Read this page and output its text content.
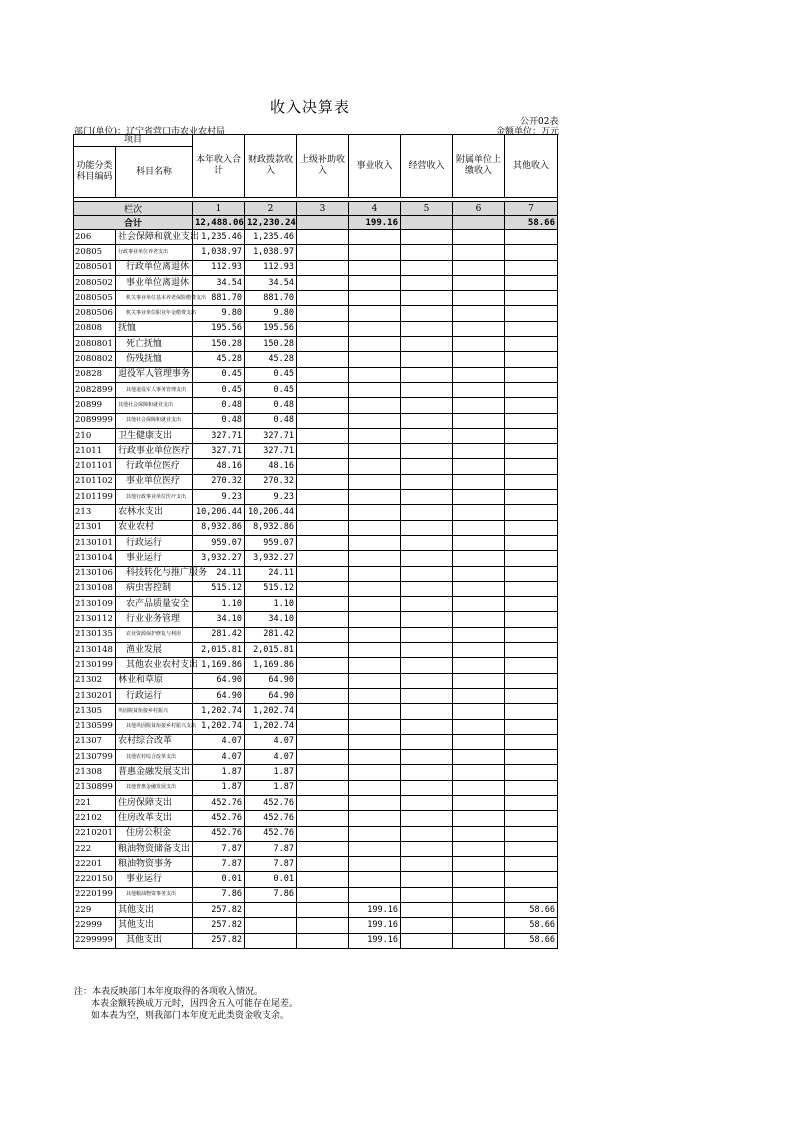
收入决算表
公开02表
部门(单位)：辽宁省营口市农业农村局	金额单位：万元
项目		本年收入合计	财政拨款收入	上级补助收入	事业收入	经营收入	附属单位上缴收入	其他收入
功能分类科目编码	科目名称							

栏次		1	2	3	4	5	6	7
合计		12,488.06	12,230.24		199.16			58.66
206	社会保障和就业支出	1,235.46	1,235.46					
20805	行政事业单位养老支出	1,038.97	1,038.97					
2080501	行政单位离退休	112.93	112.93					
2080502	事业单位离退休	34.54	34.54					
2080505	机关事业单位基本养老保险缴费支出	881.70	881.70					
2080506	机关事业单位职业年金缴费支出	9.80	9.80					
20808	抚恤	195.56	195.56					
2080801	死亡抚恤	150.28	150.28					
2080802	伤残抚恤	45.28	45.28					
20828	退役军人管理事务	0.45	0.45					
2082899	其他退役军人事务管理支出	0.45	0.45					
20899	其他社会保障和就业支出	0.48	0.48					
2089999	其他社会保障和就业支出	0.48	0.48					
210	卫生健康支出	327.71	327.71					
21011	行政事业单位医疗	327.71	327.71					
2101101	行政单位医疗	48.16	48.16					
2101102	事业单位医疗	270.32	270.32					
2101199	其他行政事业单位医疗支出	9.23	9.23					
213	农林水支出	10,206.44	10,206.44					
21301	农业农村	8,932.86	8,932.86					
2130101	行政运行	959.07	959.07					
2130104	事业运行	3,932.27	3,932.27					
2130106	科技转化与推广服务	24.11	24.11					
2130108	病虫害控制	515.12	515.12					
2130109	农产品质量安全	1.10	1.10					
2130112	行业业务管理	34.10	34.10					
2130135	农业资源保护修复与利用	281.42	281.42					
2130148	渔业发展	2,015.81	2,015.81					
2130199	其他农业农村支出	1,169.86	1,169.86					
21302	林业和草原	64.90	64.90					
2130201	行政运行	64.90	64.90					
21305	巩固脱贫衔接乡村振兴	1,202.74	1,202.74					
2130599	其他巩固脱贫衔接乡村振兴支出	1,202.74	1,202.74					
21307	农村综合改革	4.07	4.07					
2130799	其他农村综合改革支出	4.07	4.07					
21308	普惠金融发展支出	1.87	1.87					
2130899	其他普惠金融发展支出	1.87	1.87					
221	住房保障支出	452.76	452.76					
22102	住房改革支出	452.76	452.76					
2210201	住房公积金	452.76	452.76					
222	粮油物资储备支出	7.87	7.87					
22201	粮油物资事务	7.87	7.87					
2220150	事业运行	0.01	0.01					
2220199	其他粮油物资事务支出	7.86	7.86					
229	其他支出	257.82			199.16			58.66
22999	其他支出	257.82			199.16			58.66
2299999	其他支出	257.82			199.16			58.66
注：本表反映部门本年度取得的各项收入情况。
本表金额转换成万元时，因四舍五入可能存在尾差。
如本表为空，则我部门本年度无此类资金收支余。
